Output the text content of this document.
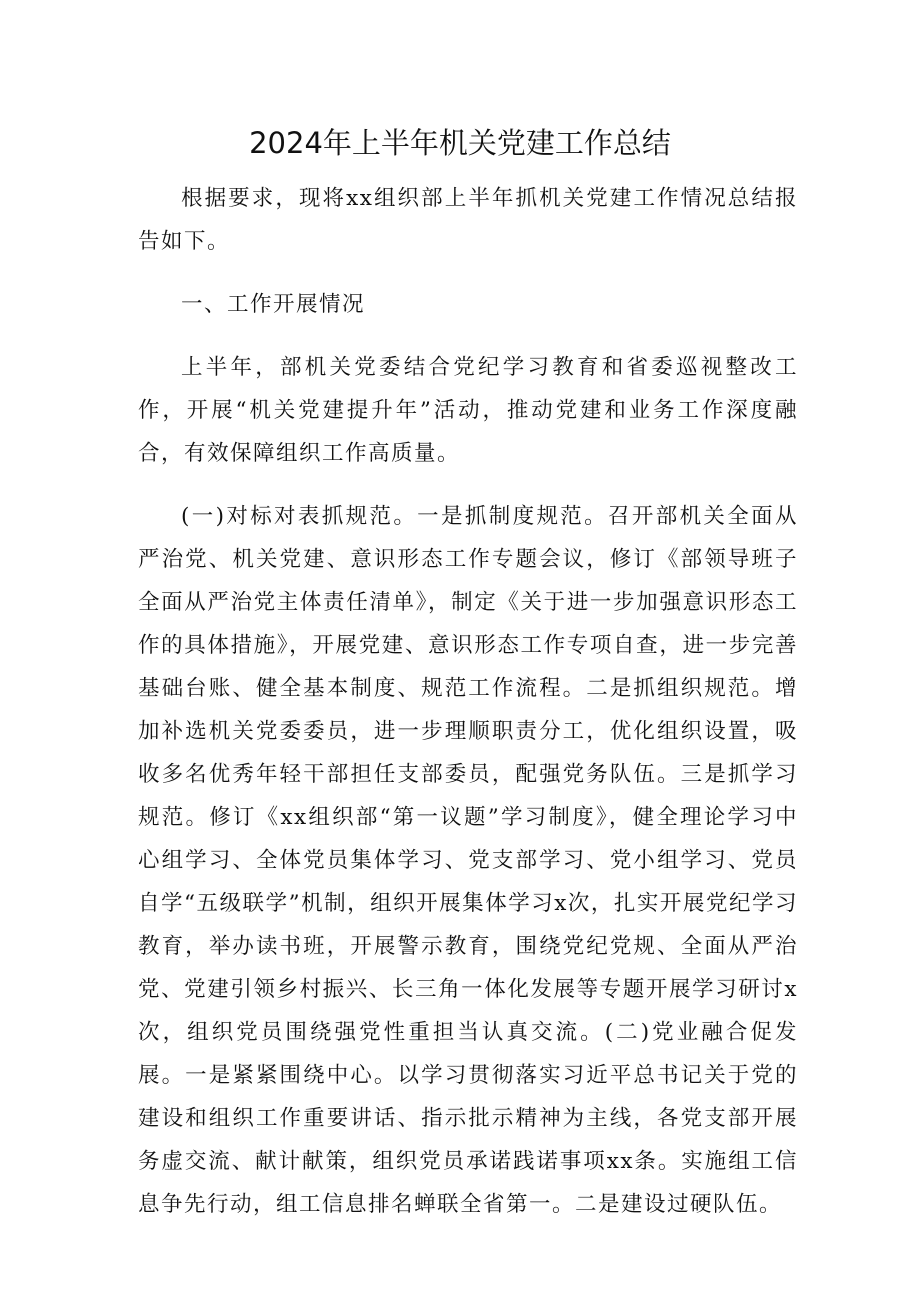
2024年上半年机关党建工作总结

根据要求，现将xx组织部上半年抓机关党建工作情况总结报告如下。

一、工作开展情况

上半年，部机关党委结合党纪学习教育和省委巡视整改工作，开展“机关党建提升年”活动，推动党建和业务工作深度融合，有效保障组织工作高质量。

(一)对标对表抓规范。一是抓制度规范。召开部机关全面从严治党、机关党建、意识形态工作专题会议，修订《部领导班子全面从严治党主体责任清单》，制定《关于进一步加强意识形态工作的具体措施》，开展党建、意识形态工作专项自查，进一步完善基础台账、健全基本制度、规范工作流程。二是抓组织规范。增加补选机关党委委员，进一步理顺职责分工，优化组织设置，吸收多名优秀年轻干部担任支部委员，配强党务队伍。三是抓学习规范。修订《xx组织部“第一议题”学习制度》，健全理论学习中心组学习、全体党员集体学习、党支部学习、党小组学习、党员自学“五级联学”机制，组织开展集体学习x次，扎实开展党纪学习教育，举办读书班，开展警示教育，围绕党纪党规、全面从严治党、党建引领乡村振兴、长三角一体化发展等专题开展学习研讨x次，组织党员围绕强党性重担当认真交流。(二)党业融合促发展。一是紧紧围绕中心。以学习贯彻落实习近平总书记关于党的建设和组织工作重要讲话、指示批示精神为主线，各党支部开展务虚交流、献计献策，组织党员承诺践诺事项xx条。实施组工信息争先行动，组工信息排名蝉联全省第一。二是建设过硬队伍。
